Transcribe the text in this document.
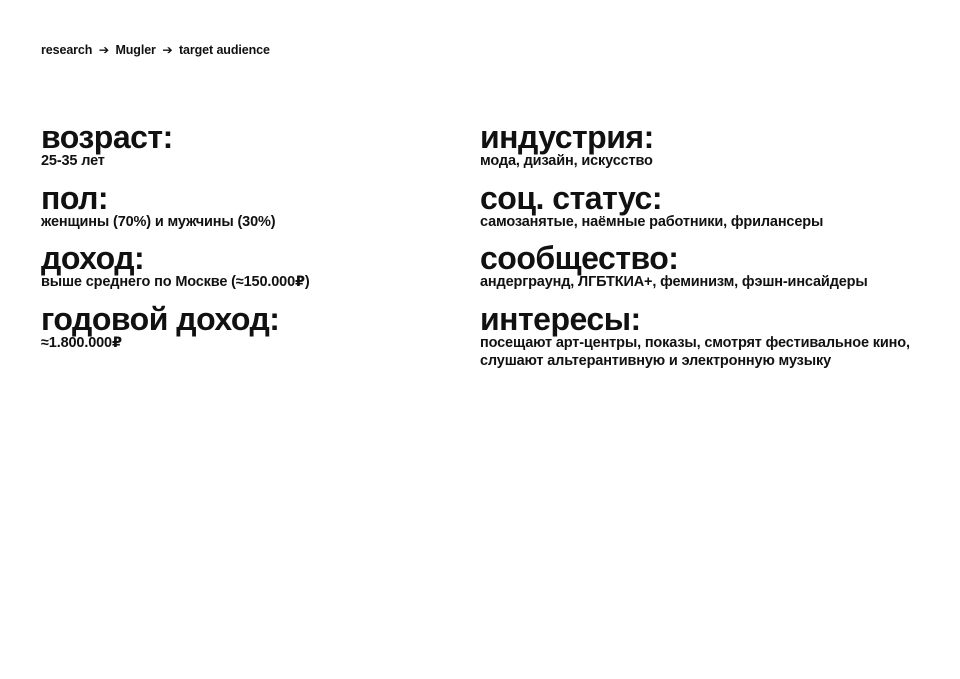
research ➔ Mugler ➔ target audience
возраст:

25-35 лет

пол:

женщины (70%) и мужчины (30%)

доход:

выше среднего по Москве (≈150.000₽)

годовой доход:

≈1.800.000₽

индустрия:

мода, дизайн, искусство

соц. статус:

самозанятые, наёмные работники, фрилансеры

сообщество:

андерграунд, ЛГБТКИА+, феминизм, фэшн-инсайдеры

интересы:

посещают арт-центры, показы, смотрят фестивальное кино, слушают альтерантивную и электронную музыку
